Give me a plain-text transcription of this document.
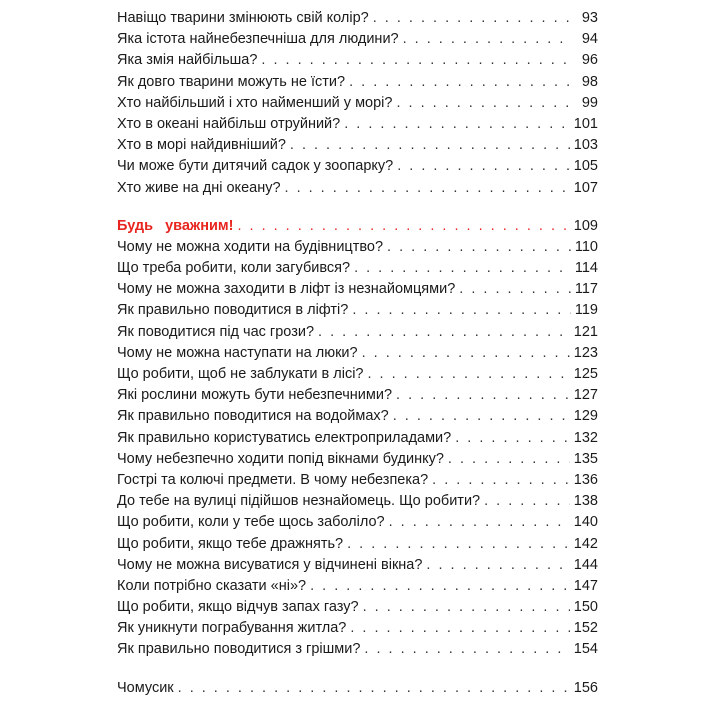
Навіщо тварини змінюють свій колір? . . .	93
Яка істота найнебезпечніша для людини? . . .	94
Яка змія найбільша? . . .	96
Як довго тварини можуть не їсти? . . .	98
Хто найбільший і хто найменший у морі? . . .	99
Хто в океані найбільш отруйний? . . .	101
Хто в морі найдивніший? . . .	103
Чи може бути дитячий садок у зоопарку? . . .	105
Хто живе на дні океану? . . .	107
Будь уважним! . . .	109
Чому не можна ходити на будівництво? . . .	110
Що треба робити, коли загубився? . . .	114
Чому не можна заходити в ліфт із незнайомцями? . . .	117
Як правильно поводитися в ліфті? . . .	119
Як поводитися під час грози? . . .	121
Чому не можна наступати на люки? . . .	123
Що робити, щоб не заблукати в лісі? . . .	125
Які рослини можуть бути небезпечними? . . .	127
Як правильно поводитися на водоймах? . . .	129
Як правильно користуватись електроприладами? . . .	132
Чому небезпечно ходити попід вікнами будинку? . . .	135
Гострі та колючі предмети. В чому небезпека? . . .	136
До тебе на вулиці підійшов незнайомець. Що робити? . . .	138
Що робити, коли у тебе щось заболіло? . . .	140
Що робити, якщо тебе дражнять? . . .	142
Чому не можна висуватися у відчинені вікна? . . .	144
Коли потрібно сказати «ні»? . . .	147
Що робити, якщо відчув запах газу? . . .	150
Як уникнути пограбування житла? . . .	152
Як правильно поводитися з грішми? . . .	154
Чомусик . . .	156
